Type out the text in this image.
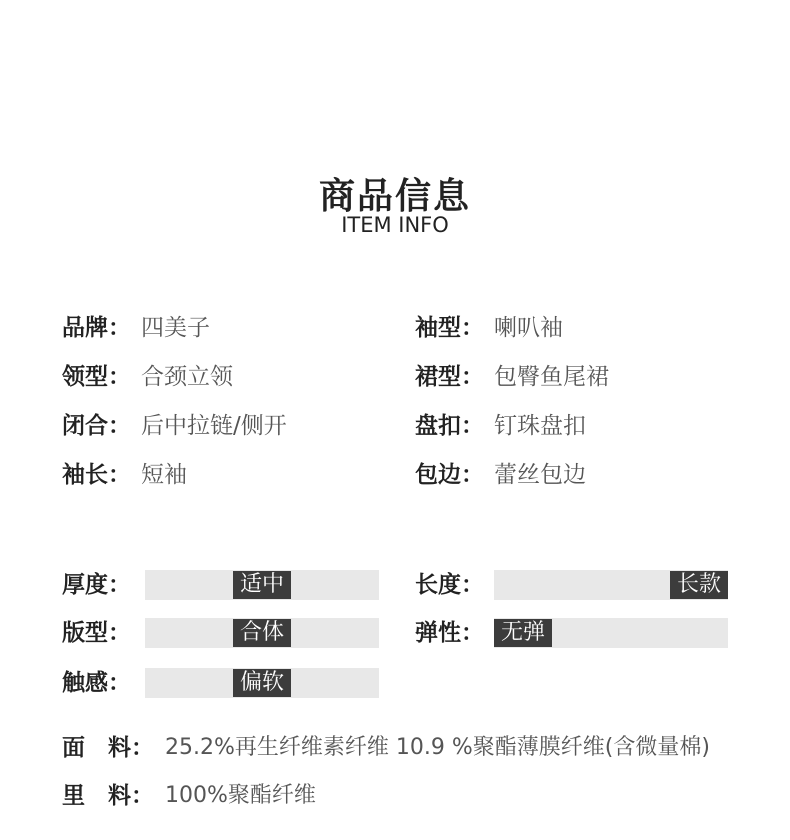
商品信息
ITEM INFO
品牌： 四美子	袖型： 喇叭袖
领型： 合颈立领	裙型： 包臀鱼尾裙
闭合： 后中拉链/侧开	盘扣： 钉珠盘扣
袖长： 短袖	包边： 蕾丝包边
厚度：	适中	长度：	长款
版型：	合体	弹性： 无弹
触感：	偏软
面　料： 25.2%再生纤维素纤维 10.9 %聚酯薄膜纤维(含微量棉)
里　料： 100%聚酯纤维
